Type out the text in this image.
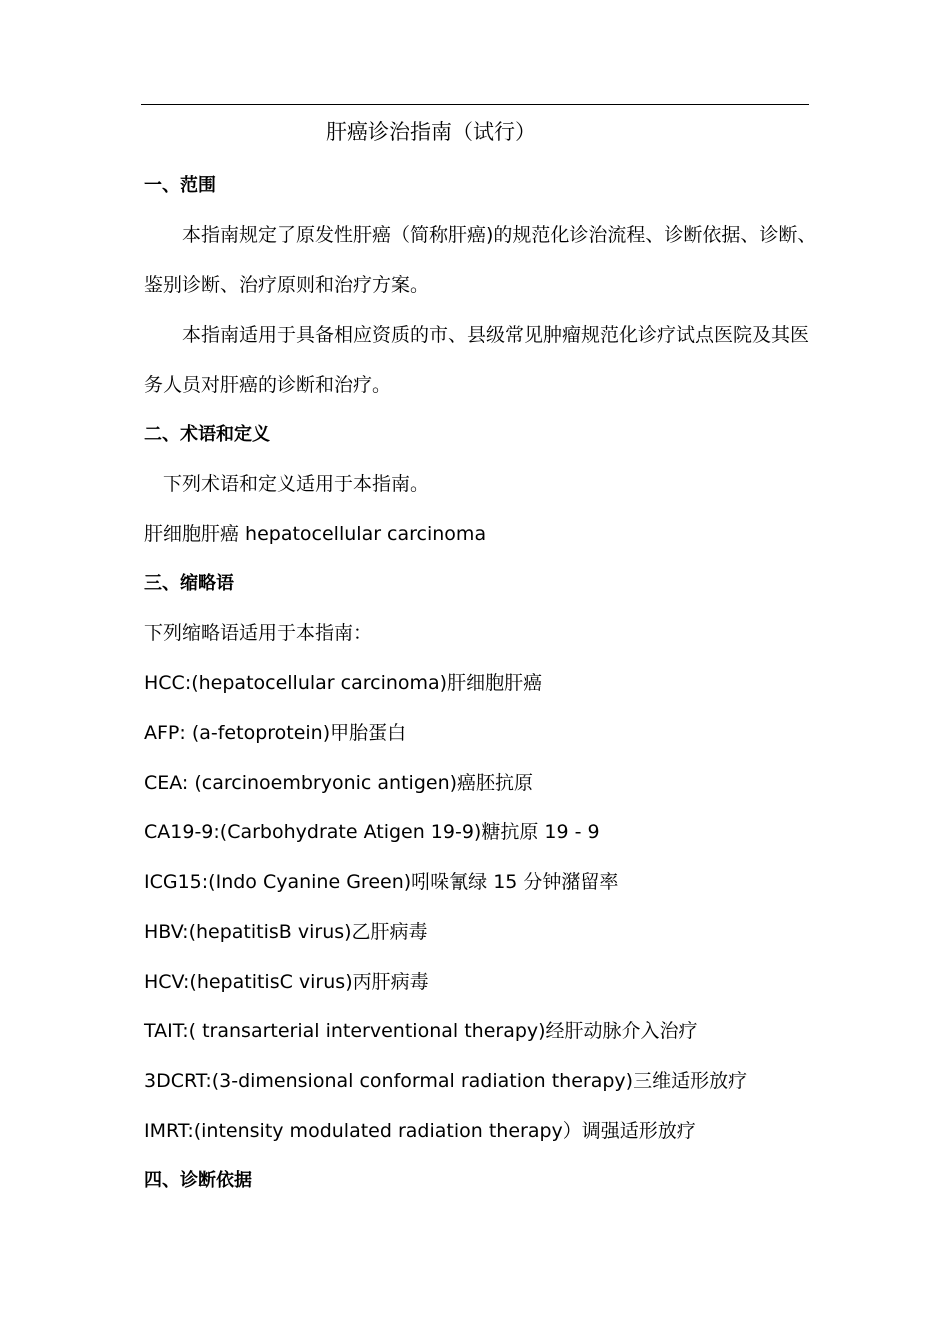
肝癌诊治指南（试行）
一、范围
本指南规定了原发性肝癌（简称肝癌)的规范化诊治流程、诊断依据、诊断、
鉴别诊断、治疗原则和治疗方案。
本指南适用于具备相应资质的市、县级常见肿瘤规范化诊疗试点医院及其医
务人员对肝癌的诊断和治疗。
二、术语和定义
下列术语和定义适用于本指南。
肝细胞肝癌 hepatocellular carcinoma
三、缩略语
下列缩略语适用于本指南：
HCC:(hepatocellular carcinoma)肝细胞肝癌
AFP: (a-fetoprotein)甲胎蛋白
CEA: (carcinoembryonic antigen)癌胚抗原
CA19-9:(Carbohydrate Atigen 19-9)糖抗原 19 - 9
ICG15:(Indo Cyanine Green)吲哚氰绿 15 分钟潴留率
HBV:(hepatitisB virus)乙肝病毒
HCV:(hepatitisC virus)丙肝病毒
TAIT:( transarterial interventional therapy)经肝动脉介入治疗
3DCRT:(3-dimensional conformal radiation therapy)三维适形放疗
IMRT:(intensity modulated radiation therapy）调强适形放疗
四、诊断依据
